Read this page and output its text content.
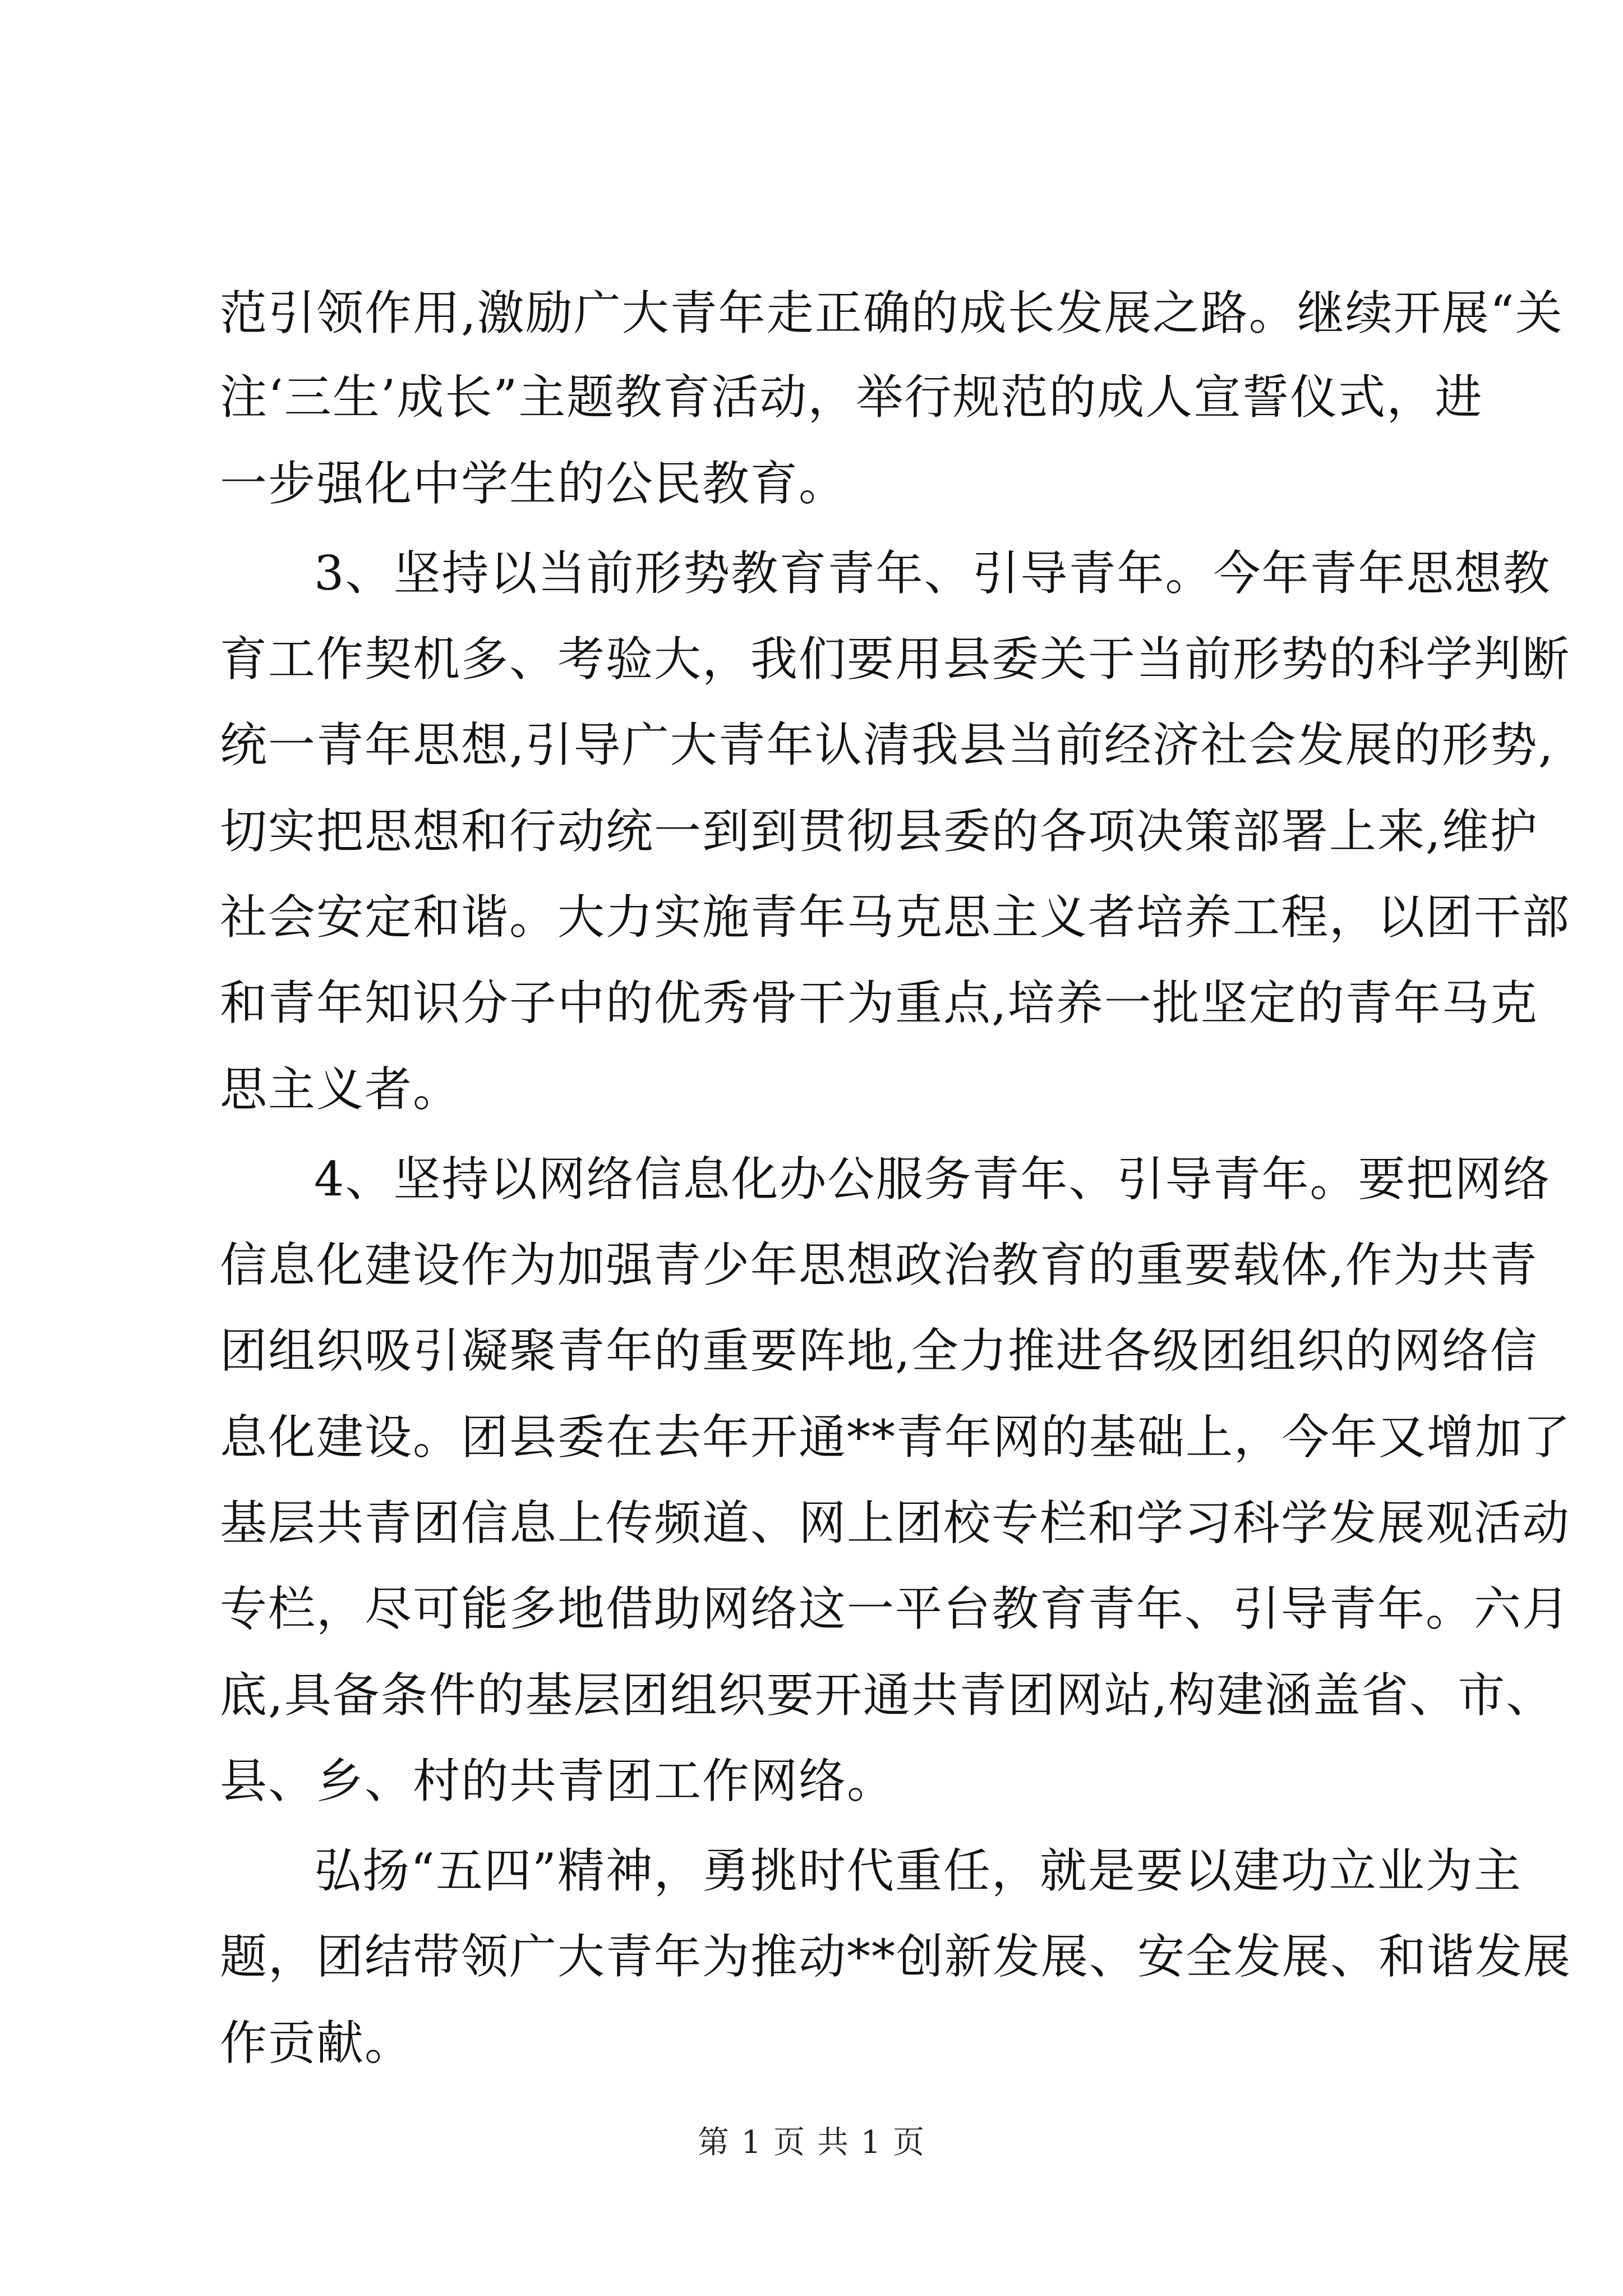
范引领作用,激励广大青年走正确的成长发展之路。继续开展“关
注‘三生’成长”主题教育活动，举行规范的成人宣誓仪式，进
一步强化中学生的公民教育。
3、坚持以当前形势教育青年、引导青年。今年青年思想教
育工作契机多、考验大，我们要用县委关于当前形势的科学判断
统一青年思想,引导广大青年认清我县当前经济社会发展的形势,
切实把思想和行动统一到到贯彻县委的各项决策部署上来,维护
社会安定和谐。大力实施青年马克思主义者培养工程，以团干部
和青年知识分子中的优秀骨干为重点,培养一批坚定的青年马克
思主义者。
4、坚持以网络信息化办公服务青年、引导青年。要把网络
信息化建设作为加强青少年思想政治教育的重要载体,作为共青
团组织吸引凝聚青年的重要阵地,全力推进各级团组织的网络信
息化建设。团县委在去年开通**青年网的基础上，今年又增加了
基层共青团信息上传频道、网上团校专栏和学习科学发展观活动
专栏，尽可能多地借助网络这一平台教育青年、引导青年。六月
底,具备条件的基层团组织要开通共青团网站,构建涵盖省、市、
县、乡、村的共青团工作网络。
弘扬“五四”精神，勇挑时代重任，就是要以建功立业为主
题，团结带领广大青年为推动**创新发展、安全发展、和谐发展
作贡献。
第 1 页 共 1 页
